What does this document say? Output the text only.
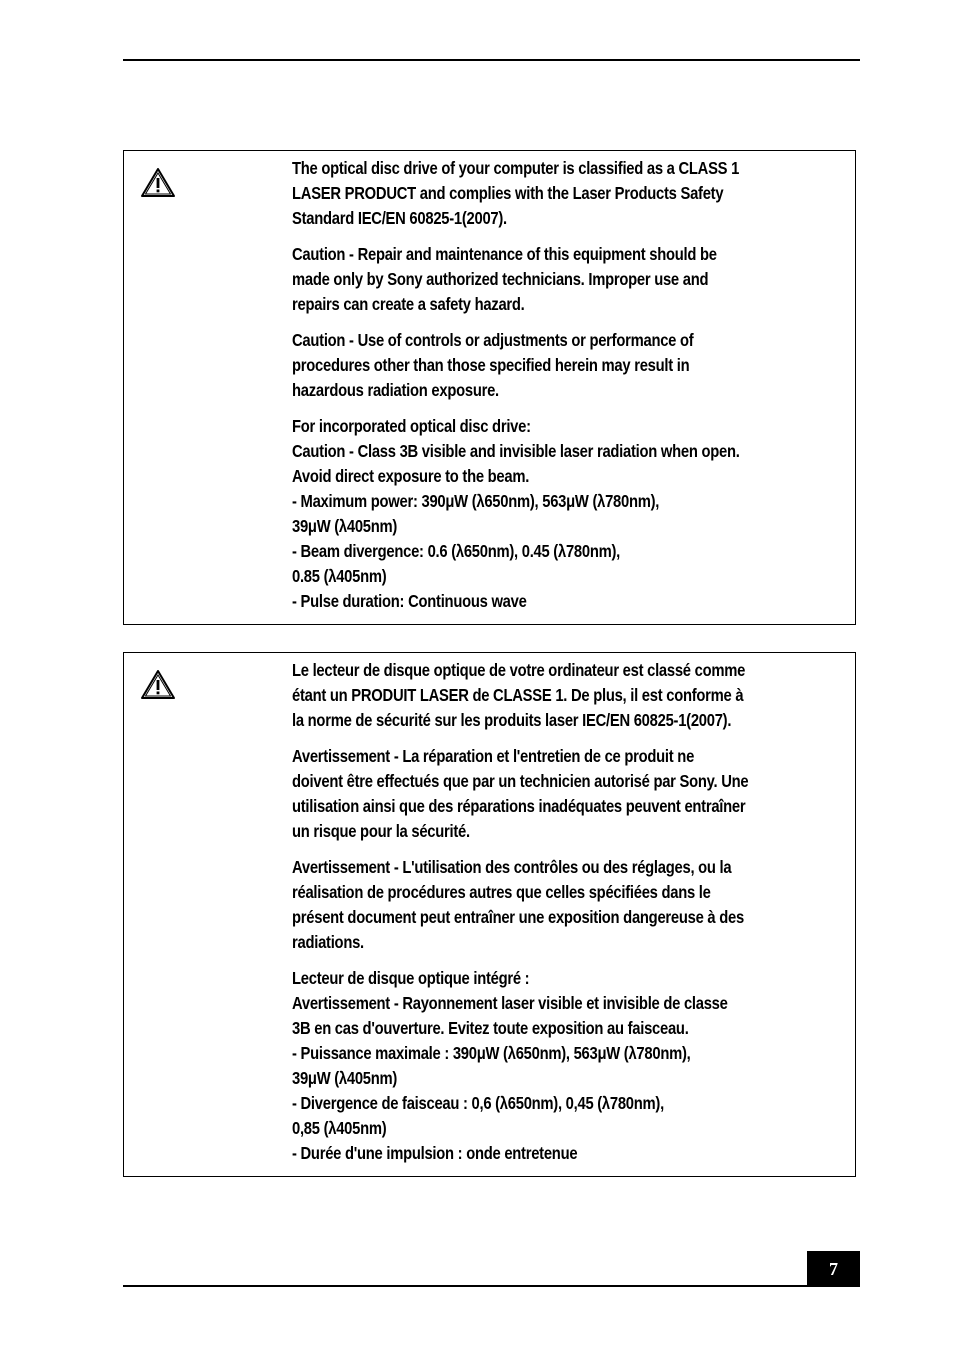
The optical disc drive of your computer is classified as a CLASS 1
LASER PRODUCT and complies with the Laser Products Safety
Standard IEC/EN 60825-1(2007).

Caution - Repair and maintenance of this equipment should be
made only by Sony authorized technicians. Improper use and
repairs can create a safety hazard.

Caution - Use of controls or adjustments or performance of
procedures other than those specified herein may result in
hazardous radiation exposure.

For incorporated optical disc drive:
Caution - Class 3B visible and invisible laser radiation when open.
Avoid direct exposure to the beam.
- Maximum power: 390μW (λ650nm), 563μW (λ780nm),
39μW (λ405nm)
- Beam divergence: 0.6 (λ650nm), 0.45 (λ780nm),
0.85 (λ405nm)
- Pulse duration: Continuous wave

Le lecteur de disque optique de votre ordinateur est classé comme
étant un PRODUIT LASER de CLASSE 1. De plus, il est conforme à
la norme de sécurité sur les produits laser IEC/EN 60825-1(2007).

Avertissement - La réparation et l'entretien de ce produit ne
doivent être effectués que par un technicien autorisé par Sony. Une
utilisation ainsi que des réparations inadéquates peuvent entraîner
un risque pour la sécurité.

Avertissement - L'utilisation des contrôles ou des réglages, ou la
réalisation de procédures autres que celles spécifiées dans le
présent document peut entraîner une exposition dangereuse à des
radiations.

Lecteur de disque optique intégré :
Avertissement - Rayonnement laser visible et invisible de classe
3B en cas d'ouverture. Evitez toute exposition au faisceau.
- Puissance maximale : 390μW (λ650nm), 563μW (λ780nm),
39μW (λ405nm)
- Divergence de faisceau : 0,6 (λ650nm), 0,45 (λ780nm),
0,85 (λ405nm)
- Durée d'une impulsion : onde entretenue

7
